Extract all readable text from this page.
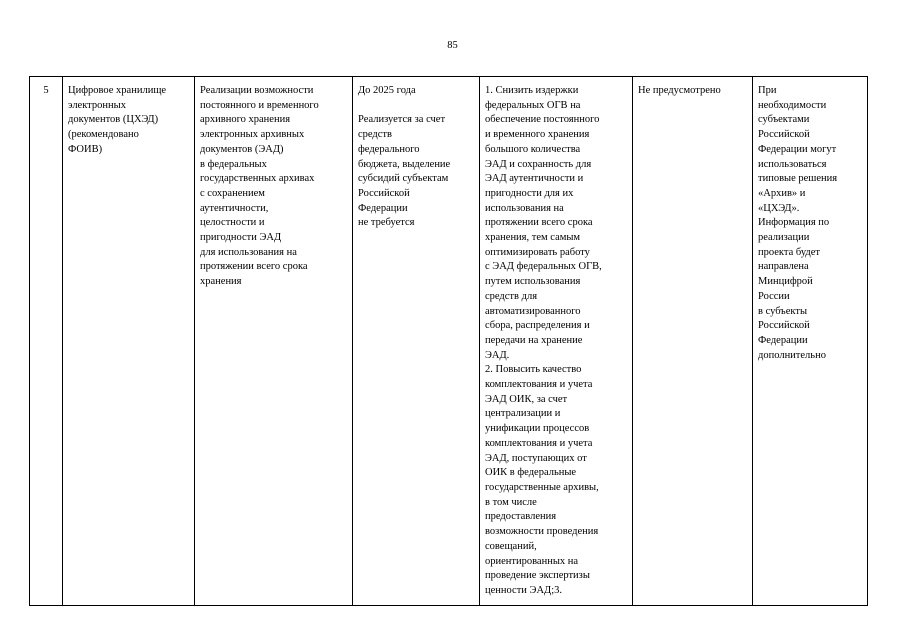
85
5	Цифровое хранилище
электронных
документов (ЦХЭД)
(рекомендовано
ФОИВ)	Реализации возможности
постоянного и временного
архивного хранения
электронных архивных
документов (ЭАД)
в федеральных
государственных архивах
с сохранением
аутентичности,
целостности и
пригодности ЭАД
для использования на
протяжении всего срока
хранения	До 2025 года

Реализуется за счет
средств
федерального
бюджета, выделение
субсидий субъектам
Российской
Федерации
не требуется	1. Снизить издержки
федеральных ОГВ на
обеспечение постоянного
и временного хранения
большого количества
ЭАД и сохранность для
ЭАД аутентичности и
пригодности для их
использования на
протяжении всего срока
хранения, тем самым
оптимизировать работу
с ЭАД федеральных ОГВ,
путем использования
средств для
автоматизированного
сбора, распределения и
передачи на хранение
ЭАД.
2. Повысить качество
комплектования и учета
ЭАД ОИК, за счет
централизации и
унификации процессов
комплектования и учета
ЭАД, поступающих от
ОИК в федеральные
государственные архивы,
в том числе
предоставления
возможности проведения
совещаний,
ориентированных на
проведение экспертизы
ценности ЭАД;3.	Не предусмотрено	При
необходимости
субъектами
Российской
Федерации могут
использоваться
типовые решения
«Архив» и
«ЦХЭД».
Информация по
реализации
проекта будет
направлена
Минцифрой
России
в субъекты
Российской
Федерации
дополнительно
